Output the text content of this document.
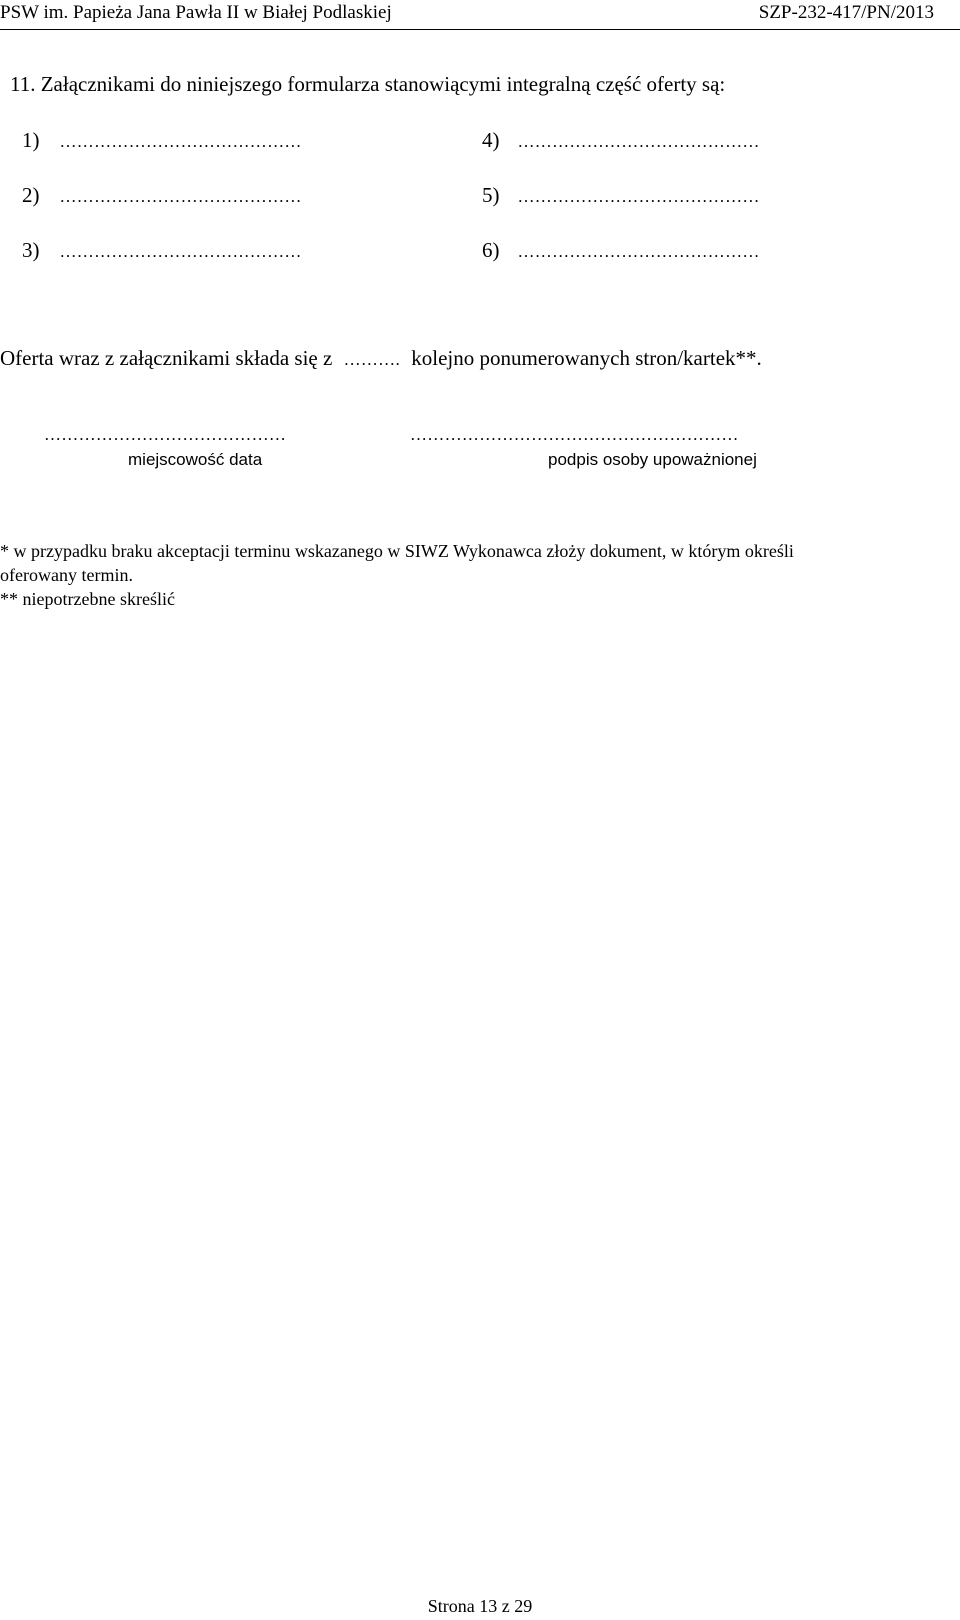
PSW im. Papieża Jana Pawła II w Białej Podlaskiej	SZP-232-417/PN/2013
11. Załącznikami do niniejszego formularza stanowiącymi integralną część oferty są:
1) ……………………………………
2) ……………………………………
3) ……………………………………
4) ……………………………………
5) ……………………………………
6) ……………………………………
Oferta wraz z załącznikami składa się z ………. kolejno ponumerowanych stron/kartek**.
……………………………………
miejscowość data
…………………………………………………
podpis osoby upoważnionej
* w przypadku braku akceptacji terminu wskazanego w SIWZ Wykonawca złoży dokument, w którym określi
oferowany termin.
** niepotrzebne skreślić
Strona 13 z 29
